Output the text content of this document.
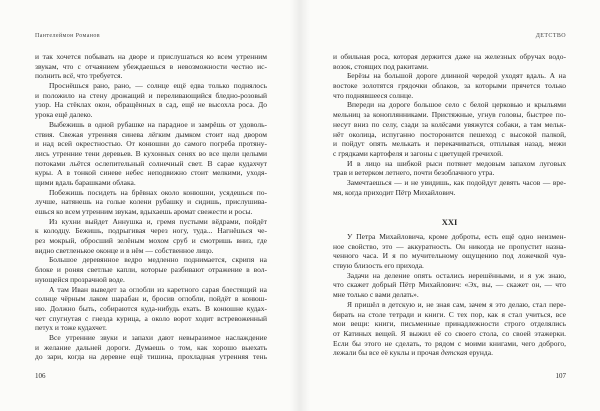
Пантелеймон Романов
и так хочется побывать на дворе и прислушаться ко всем утренним
звукам, что с отчаянием убеждаешься в невозможности честно ис-
полнить всё, что требуется.
Проснёшься рано, рано, — солнце ещё едва только поднялось
и положило на стену дрожащий и переливающийся бледно-розовый
узор. На стёклах окон, обращённых в сад, ещё не высохла роса. До
урока ещё далеко.
Выбежишь в одной рубашке на парадное и замрёшь от удоволь-
ствия. Свежая утренняя синева лёгким дымком стоит над двором
и над всей окрестностью. От конюшни до самого погреба протяну-
лись утренние тени деревьев. В кухонных сенях во все щели целыми
потоками льётся ослепительный солнечный свет. В сарае кудахчут
куры. А в тонкой синеве небес неподвижно стоит мелкими, уходя-
щими вдаль барашками облака.
Побежишь посидеть на брёвнах около конюшни, усядешься по-
лучше, натянешь на голые колени рубашку и сидишь, прислушива-
ешься ко всем утренним звукам, вдыхаешь аромат свежести и росы.
Из кухни выйдет Аннушка и, гремя пустыми вёдрами, пойдёт
к колодцу. Бежишь, подрыгивая через ногу, туда... Нагнёшься че-
рез мокрый, обросший зелёным мохом сруб и смотришь вниз, где
видно светленькое оконце и в нём — собственное лицо.
Большое деревянное ведро медленно поднимается, скрипя на
блоке и роняя светлые капли, которые разбивают отражение в вол-
нующейся прозрачной воде.
А там Иван выведет за оглобли из каретного сарая блестящий на
солнце чёрным лаком шарабан и, бросив оглобли, пойдёт в конюш-
ню. Должно быть, собираются куда-нибудь ехать. В конюшне кудах-
чет спугнутая с гнезда курица, а около ворот ходит встревоженный
петух и тоже кудахчет.
Все утренние звуки и запахи дают невыразимое наслаждение
и желание дальней дороги. Думаешь о том, как хорошо выехать
до зари, когда на деревне ещё тишина, прохладная утренняя тень
106
ДЕТСТВО
и обильная роса, которая держится даже на железных обручах водо-
возок, стоящих под ракитами.
Берёзы на большой дороге длинной чередой уходят вдаль. А на
востоке золотятся грядочки облаков, за которыми прячется только
что поднявшееся солнце.
Впереди на дороге большое село с белой церковью и крыльями
мельниц за коноплянниками. Пристяжные, угнув головы, быстрее по-
несут вниз по селу, сзади за колёсами увяжутся собаки, а там мельк-
нёт околица, испуганно посторонится пешеход с высокой палкой,
и пойдут опять мелькать и перекачиваться, отплывая назад, межи
с грядками картофеля и загоны с цветущей гречихой.
И в лицо на шибкой рыси потянет медовым запахом луговых
трав и ветерком летнего, почти безоблачного утра.
Замечтаешься — и не увидишь, как подойдут девять часов — вре-
мя, когда приходит Пётр Михайлович.
XXI
У Петра Михайловича, кроме доброты, есть ещё одно неизмен-
ное свойство, это — аккуратность. Он никогда не пропустит назна-
ченного часа. И я по мучительному ощущению под ложечкой чув-
ствую близость его прихода.
Задачи на деление опять остались нерешёнными, и я уж знаю,
что скажет добрый Пётр Михайлович: «Эх, вы, — скажет он, — что
мне только с вами делать».
Я пришёл в детскую и, не зная сам, зачем я это делаю, стал пере-
бирать на столе тетради и книги. С тех пор, как я стал учиться, все
мои вещи: книги, письменные принадлежности строго отделялись
от Катиных вещей. Я выжил её со своего стола, со своей этажерки.
Если бы этого не сделать, то рядом с моими книгами, чего доброго,
лежали бы все её куклы и прочая детская ерунда.
107
